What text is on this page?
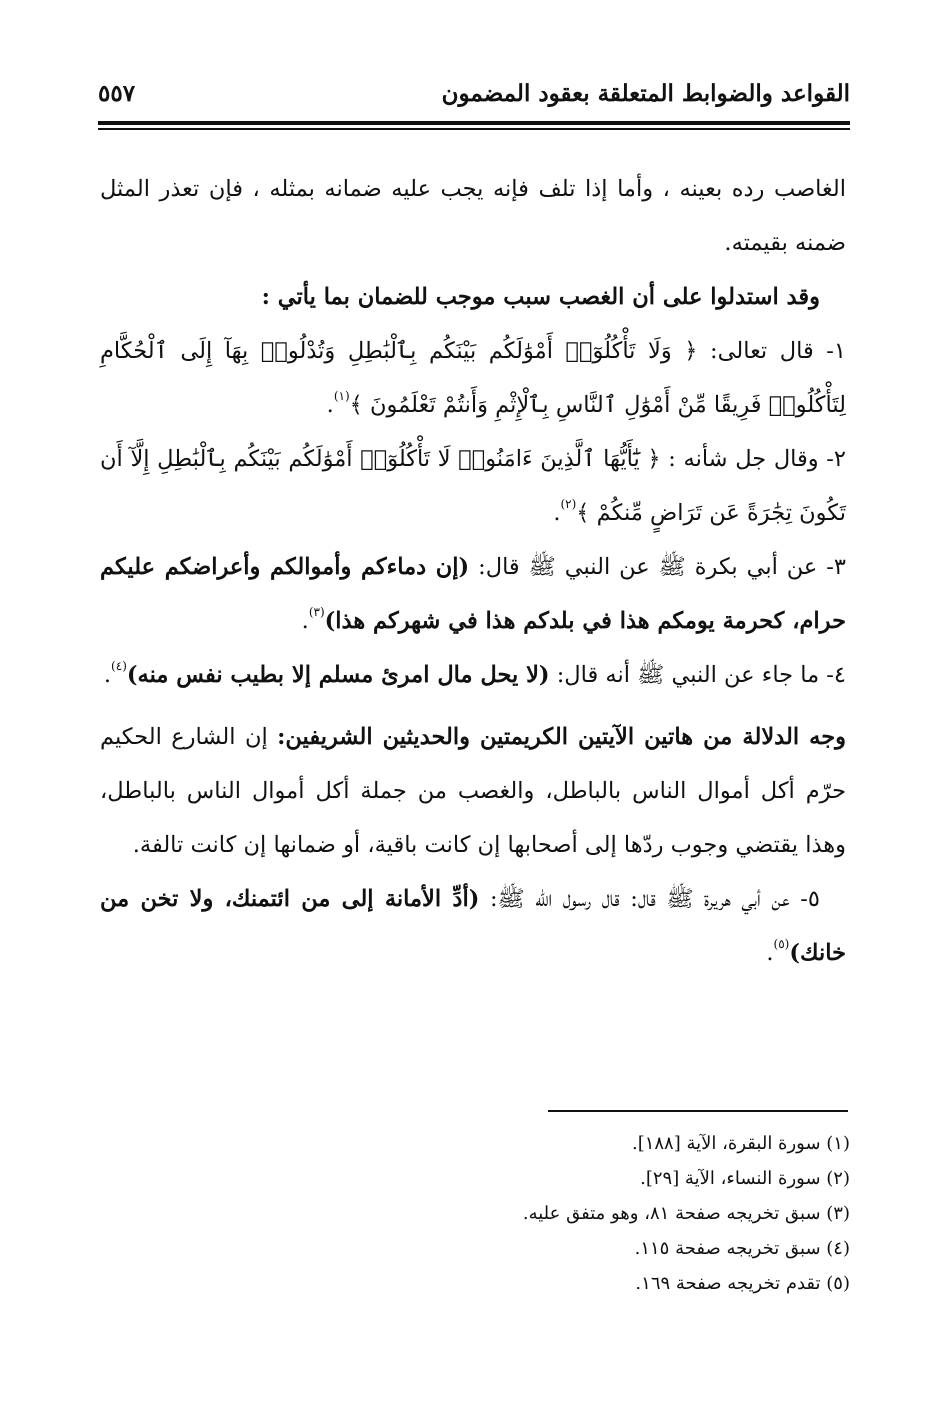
القواعد والضوابط المتعلقة بعقود المضمون
٥٥٧

الغاصب رده بعينه ، وأما إذا تلف فإنه يجب عليه ضمانه بمثله ، فإن تعذر المثل ضمنه بقيمته.

وقد استدلوا على أن الغصب سبب موجب للضمان بما يأتي :

١- قال تعالى: ﴿ وَلَا تَأْكُلُوٓا۟ أَمْوَٰلَكُم بَيْنَكُم بِٱلْبَٰطِلِ وَتُدْلُوا۟ بِهَآ إِلَى ٱلْحُكَّامِ لِتَأْكُلُوا۟ فَرِيقًا مِّنْ أَمْوَٰلِ ٱلنَّاسِ بِٱلْإِثْمِ وَأَنتُمْ تَعْلَمُونَ ﴾$^{(١)}$.

٢- وقال جل شأنه : ﴿ يَٰٓأَيُّهَا ٱلَّذِينَ ءَامَنُوا۟ لَا تَأْكُلُوٓا۟ أَمْوَٰلَكُم بَيْنَكُم بِٱلْبَٰطِلِ إِلَّآ أَن تَكُونَ تِجَٰرَةً عَن تَرَاضٍ مِّنكُمْ ﴾$^{(٢)}$.

٣- عن أبي بكرة ﷺ عن النبي ﷺ قال: (إن دماءكم وأموالكم وأعراضكم عليكم حرام، كحرمة يومكم هذا في بلدكم هذا في شهركم هذا)$^{(٣)}$.

٤- ما جاء عن النبي ﷺ أنه قال: (لا يحل مال امرئ مسلم إلا بطيب نفس منه)$^{(٤)}$.

وجه الدلالة من هاتين الآيتين الكريمتين والحديثين الشريفين: إن الشارع الحكيم حرّم أكل أموال الناس بالباطل، والغصب من جملة أكل أموال الناس بالباطل، وهذا يقتضي وجوب ردّها إلى أصحابها إن كانت باقية، أو ضمانها إن كانت تالفة.

٥- عن أبي هريرة ﷺ قال: قال رسول الله ﷺ: (أدِّ الأمانة إلى من ائتمنك، ولا تخن من خانك)$^{(٥)}$.

(١) سورة البقرة، الآية [١٨٨].
(٢) سورة النساء، الآية [٢٩].
(٣) سبق تخريجه صفحة ٨١، وهو متفق عليه.
(٤) سبق تخريجه صفحة ١١٥.
(٥) تقدم تخريجه صفحة ١٦٩.
